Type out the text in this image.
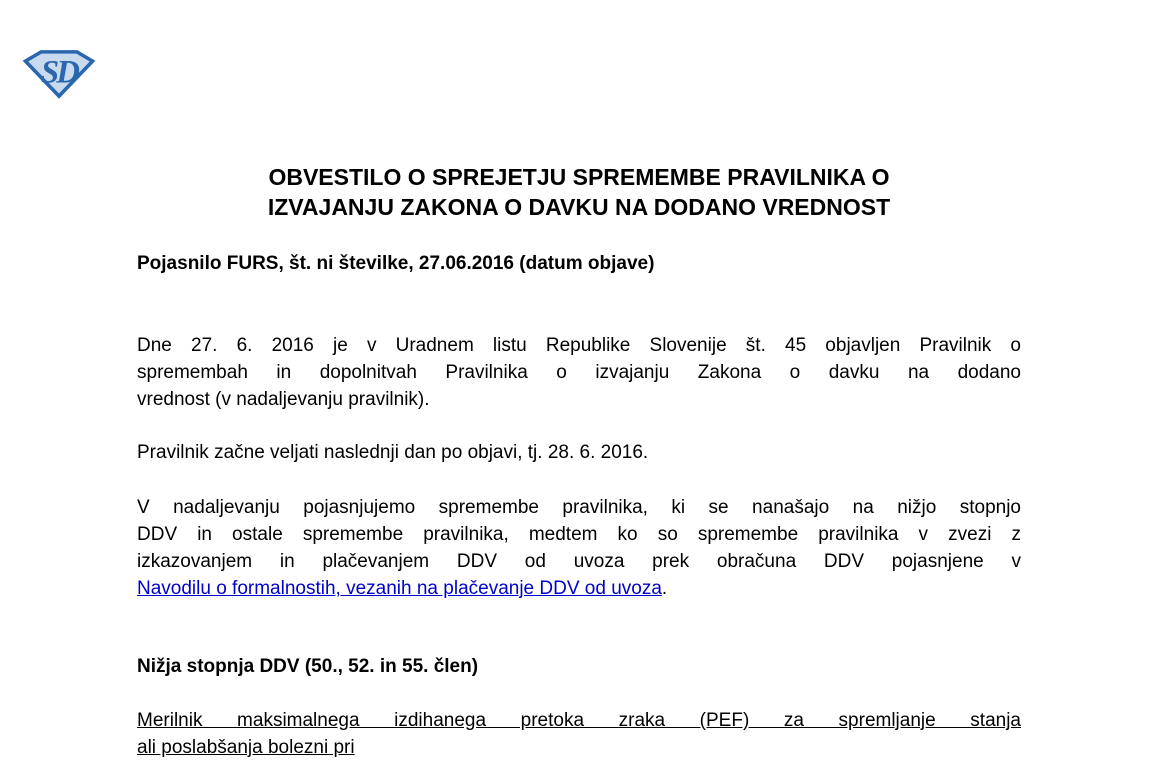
SD
OBVESTILO O SPREJETJU SPREMEMBE PRAVILNIKA O
IZVAJANJU ZAKONA O DAVKU NA DODANO VREDNOST
Pojasnilo FURS, št. ni številke, 27.06.2016 (datum objave)

Dne 27. 6. 2016 je v Uradnem listu Republike Slovenije št. 45 objavljen Pravilnik o
spremembah in dopolnitvah Pravilnika o izvajanju Zakona o davku na dodano
vrednost (v nadaljevanju pravilnik).

Pravilnik začne veljati naslednji dan po objavi, tj. 28. 6. 2016.

V nadaljevanju pojasnjujemo spremembe pravilnika, ki se nanašajo na nižjo stopnjo
DDV in ostale spremembe pravilnika, medtem ko so spremembe pravilnika v zvezi z
izkazovanjem in plačevanjem DDV od uvoza prek obračuna DDV pojasnjene v
Navodilu o formalnostih, vezanih na plačevanje DDV od uvoza.

Nižja stopnja DDV (50., 52. in 55. člen)

Merilnik maksimalnega izdihanega pretoka zraka (PEF) za spremljanje stanja
ali poslabšanja bolezni pri
